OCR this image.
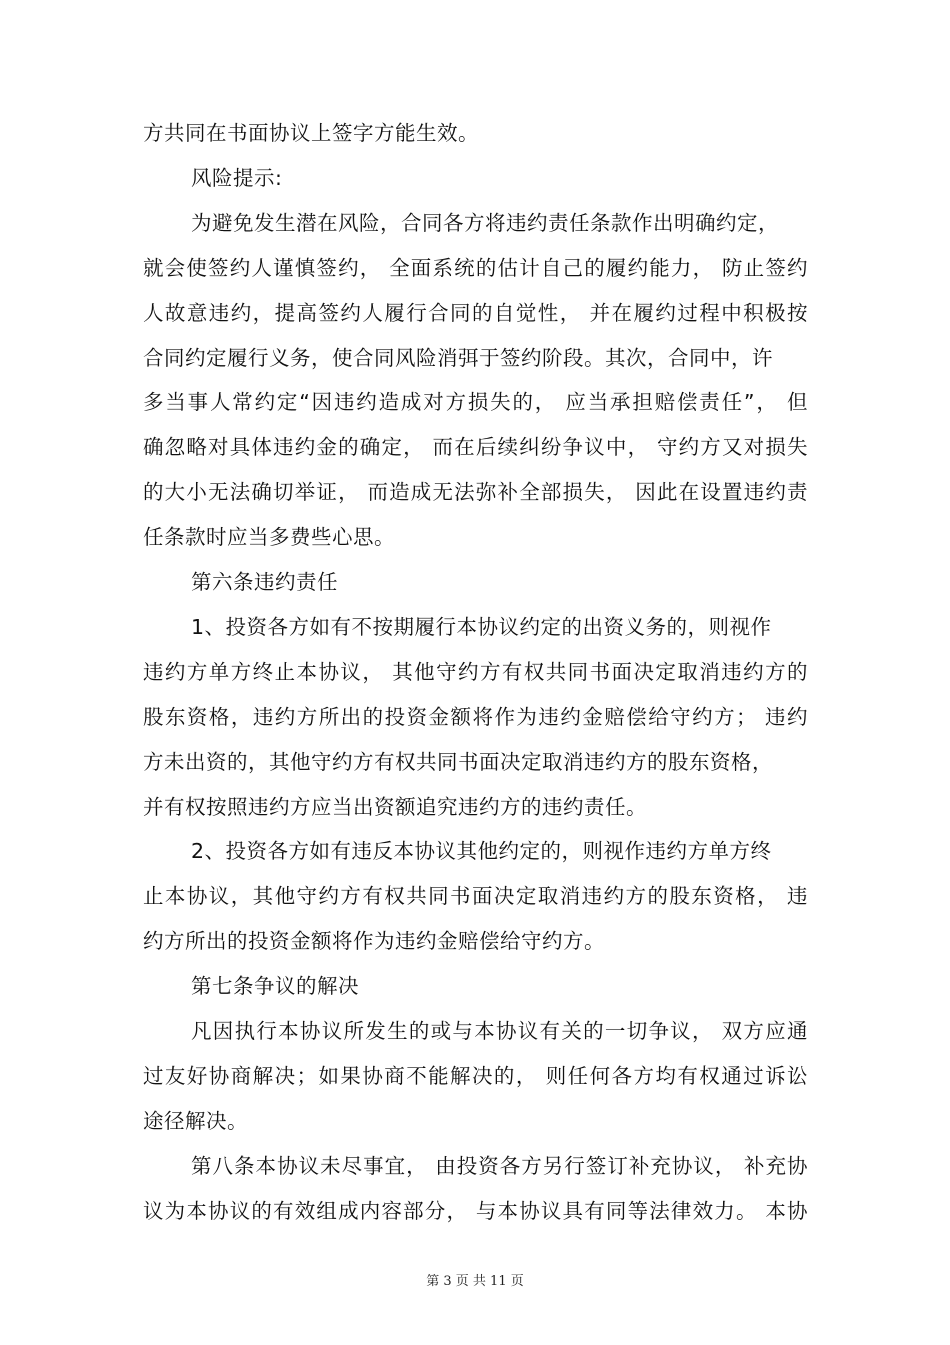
方共同在书面协议上签字方能生效。
风险提示:
为避免发生潜在风险，合同各方将违约责任条款作出明确约定，
就会使签约人谨慎签约， 全面系统的估计自己的履约能力， 防止签约
人故意违约，提高签约人履行合同的自觉性， 并在履约过程中积极按
合同约定履行义务，使合同风险消弭于签约阶段。其次，合同中，许
多当事人常约定“因违约造成对方损失的， 应当承担赔偿责任”， 但
确忽略对具体违约金的确定， 而在后续纠纷争议中， 守约方又对损失
的大小无法确切举证， 而造成无法弥补全部损失， 因此在设置违约责
任条款时应当多费些心思。
第六条违约责任
1、投资各方如有不按期履行本协议约定的出资义务的，则视作
违约方单方终止本协议， 其他守约方有权共同书面决定取消违约方的
股东资格，违约方所出的投资金额将作为违约金赔偿给守约方； 违约
方未出资的，其他守约方有权共同书面决定取消违约方的股东资格，
并有权按照违约方应当出资额追究违约方的违约责任。
2、投资各方如有违反本协议其他约定的，则视作违约方单方终
止本协议，其他守约方有权共同书面决定取消违约方的股东资格， 违
约方所出的投资金额将作为违约金赔偿给守约方。
第七条争议的解决
凡因执行本协议所发生的或与本协议有关的一切争议， 双方应通
过友好协商解决；如果协商不能解决的， 则任何各方均有权通过诉讼
途径解决。
第八条本协议未尽事宜， 由投资各方另行签订补充协议， 补充协
议为本协议的有效组成内容部分， 与本协议具有同等法律效力。 本协
第 3 页 共 11 页
